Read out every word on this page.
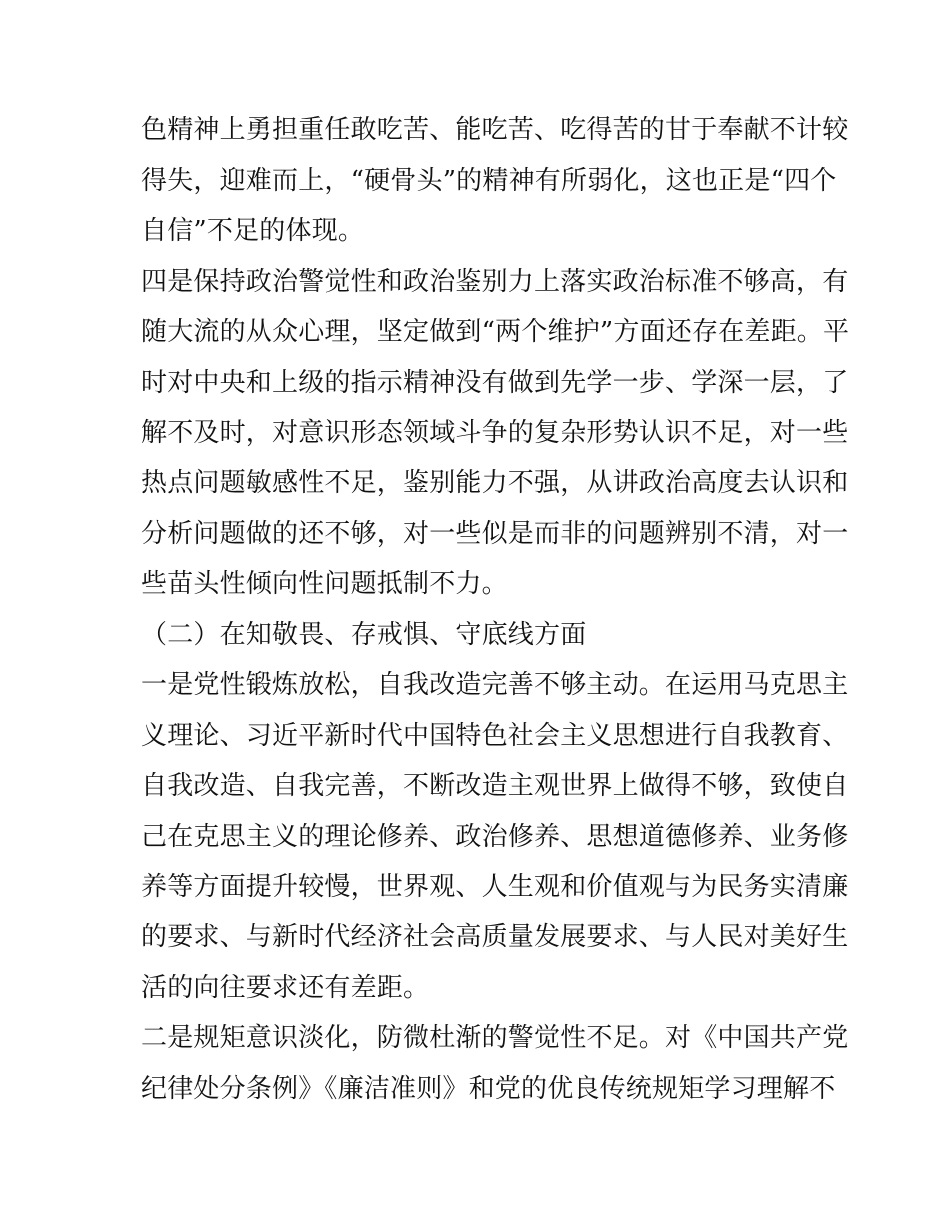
色精神上勇担重任敢吃苦、能吃苦、吃得苦的甘于奉献不计较
得失，迎难而上，“硬骨头”的精神有所弱化，这也正是“四个
自信”不足的体现。
四是保持政治警觉性和政治鉴别力上落实政治标准不够高，有
随大流的从众心理，坚定做到“两个维护”方面还存在差距。平
时对中央和上级的指示精神没有做到先学一步、学深一层，了
解不及时，对意识形态领域斗争的复杂形势认识不足，对一些
热点问题敏感性不足，鉴别能力不强，从讲政治高度去认识和
分析问题做的还不够，对一些似是而非的问题辨别不清，对一
些苗头性倾向性问题抵制不力。
（二）在知敬畏、存戒惧、守底线方面
一是党性锻炼放松，自我改造完善不够主动。在运用马克思主
义理论、习近平新时代中国特色社会主义思想进行自我教育、
自我改造、自我完善，不断改造主观世界上做得不够，致使自
己在克思主义的理论修养、政治修养、思想道德修养、业务修
养等方面提升较慢，世界观、人生观和价值观与为民务实清廉
的要求、与新时代经济社会高质量发展要求、与人民对美好生
活的向往要求还有差距。
二是规矩意识淡化，防微杜渐的警觉性不足。对《中国共产党
纪律处分条例》《廉洁准则》和党的优良传统规矩学习理解不
